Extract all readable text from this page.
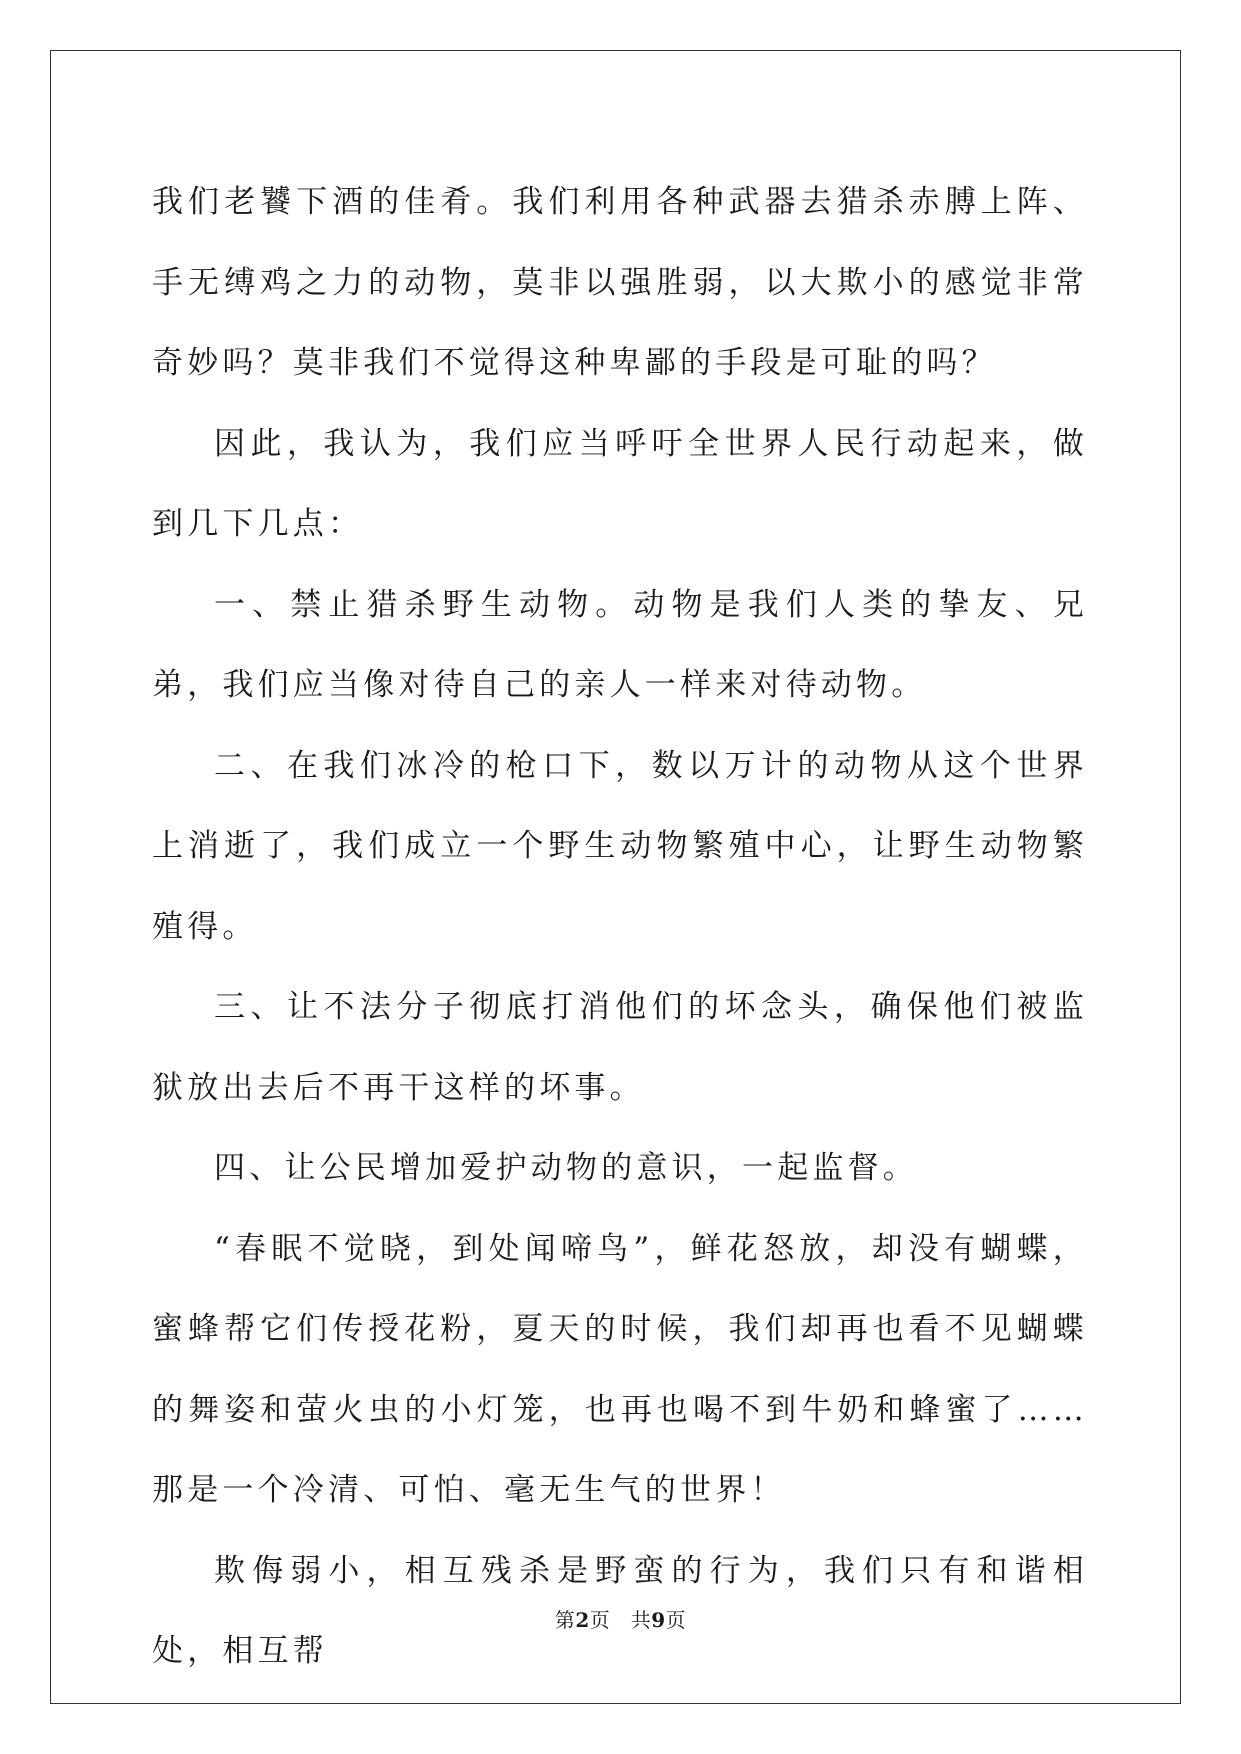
我们老饕下酒的佳肴。我们利用各种武器去猎杀赤膊上阵、手无缚鸡之力的动物，莫非以强胜弱，以大欺小的感觉非常奇妙吗？莫非我们不觉得这种卑鄙的手段是可耻的吗？

因此，我认为，我们应当呼吁全世界人民行动起来，做到几下几点：

一、禁止猎杀野生动物。动物是我们人类的挚友、兄弟，我们应当像对待自己的亲人一样来对待动物。

二、在我们冰冷的枪口下，数以万计的动物从这个世界上消逝了，我们成立一个野生动物繁殖中心，让野生动物繁殖得。

三、让不法分子彻底打消他们的坏念头，确保他们被监狱放出去后不再干这样的坏事。

四、让公民增加爱护动物的意识，一起监督。

“春眠不觉晓，到处闻啼鸟”，鲜花怒放，却没有蝴蝶，蜜蜂帮它们传授花粉，夏天的时候，我们却再也看不见蝴蝶的舞姿和萤火虫的小灯笼，也再也喝不到牛奶和蜂蜜了……那是一个冷清、可怕、毫无生气的世界！

欺侮弱小，相互残杀是野蛮的行为，我们只有和谐相处，相互帮

第2页　共9页
